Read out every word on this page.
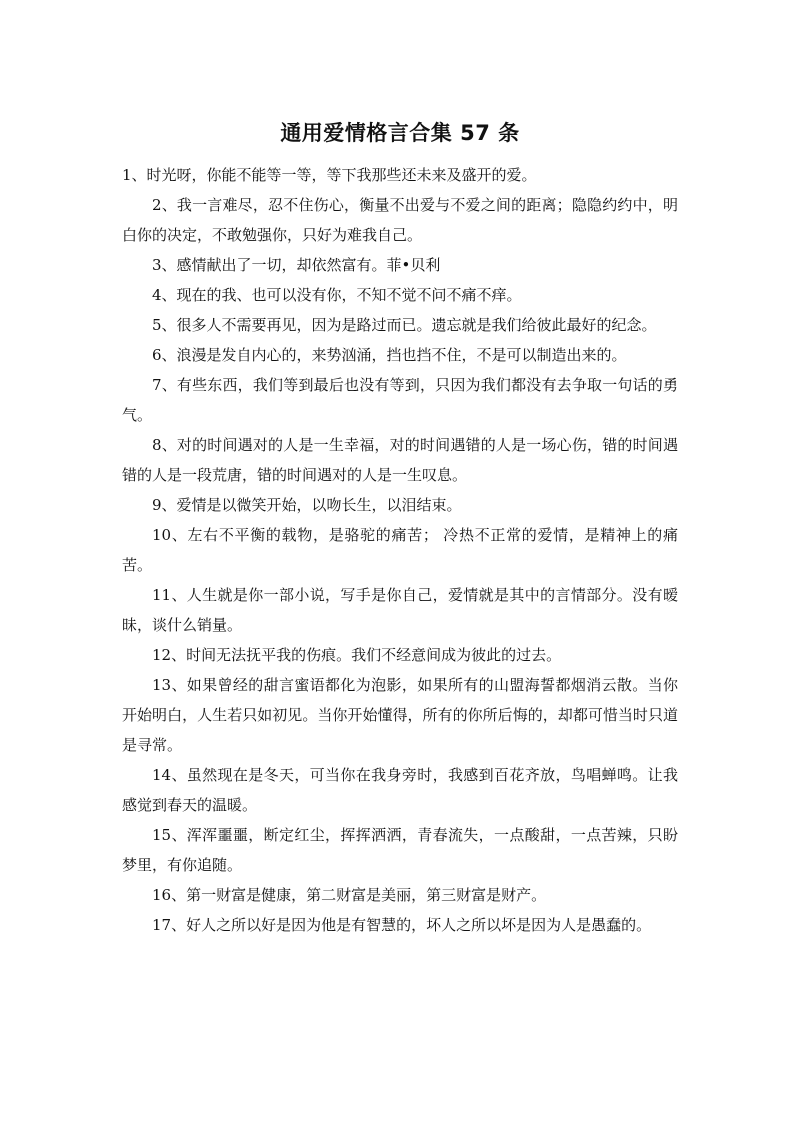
通用爱情格言合集 57 条

1、时光呀，你能不能等一等，等下我那些还未来及盛开的爱。

2、我一言难尽，忍不住伤心，衡量不出爱与不爱之间的距离；隐隐约约中，明白你的决定，不敢勉强你，只好为难我自己。

3、感情献出了一切，却依然富有。菲•贝利

4、现在的我、也可以没有你，不知不觉不问不痛不痒。

5、很多人不需要再见，因为是路过而已。遗忘就是我们给彼此最好的纪念。

6、浪漫是发自内心的，来势汹涌，挡也挡不住，不是可以制造出来的。

7、有些东西，我们等到最后也没有等到，只因为我们都没有去争取一句话的勇气。

8、对的时间遇对的人是一生幸福，对的时间遇错的人是一场心伤，错的时间遇错的人是一段荒唐，错的时间遇对的人是一生叹息。

9、爱情是以微笑开始，以吻长生，以泪结束。

10、左右不平衡的载物，是骆驼的痛苦； 冷热不正常的爱情，是精神上的痛苦。

11、人生就是你一部小说，写手是你自己，爱情就是其中的言情部分。没有暧昧，谈什么销量。

12、时间无法抚平我的伤痕。我们不经意间成为彼此的过去。

13、如果曾经的甜言蜜语都化为泡影，如果所有的山盟海誓都烟消云散。当你开始明白，人生若只如初见。当你开始懂得，所有的你所后悔的，却都可惜当时只道是寻常。

14、虽然现在是冬天，可当你在我身旁时，我感到百花齐放，鸟唱蝉鸣。让我感觉到春天的温暖。

15、浑浑噩噩，断定红尘，挥挥洒洒，青春流失，一点酸甜，一点苦辣，只盼梦里，有你追随。

16、第一财富是健康，第二财富是美丽，第三财富是财产。

17、好人之所以好是因为他是有智慧的，坏人之所以坏是因为人是愚蠢的。
